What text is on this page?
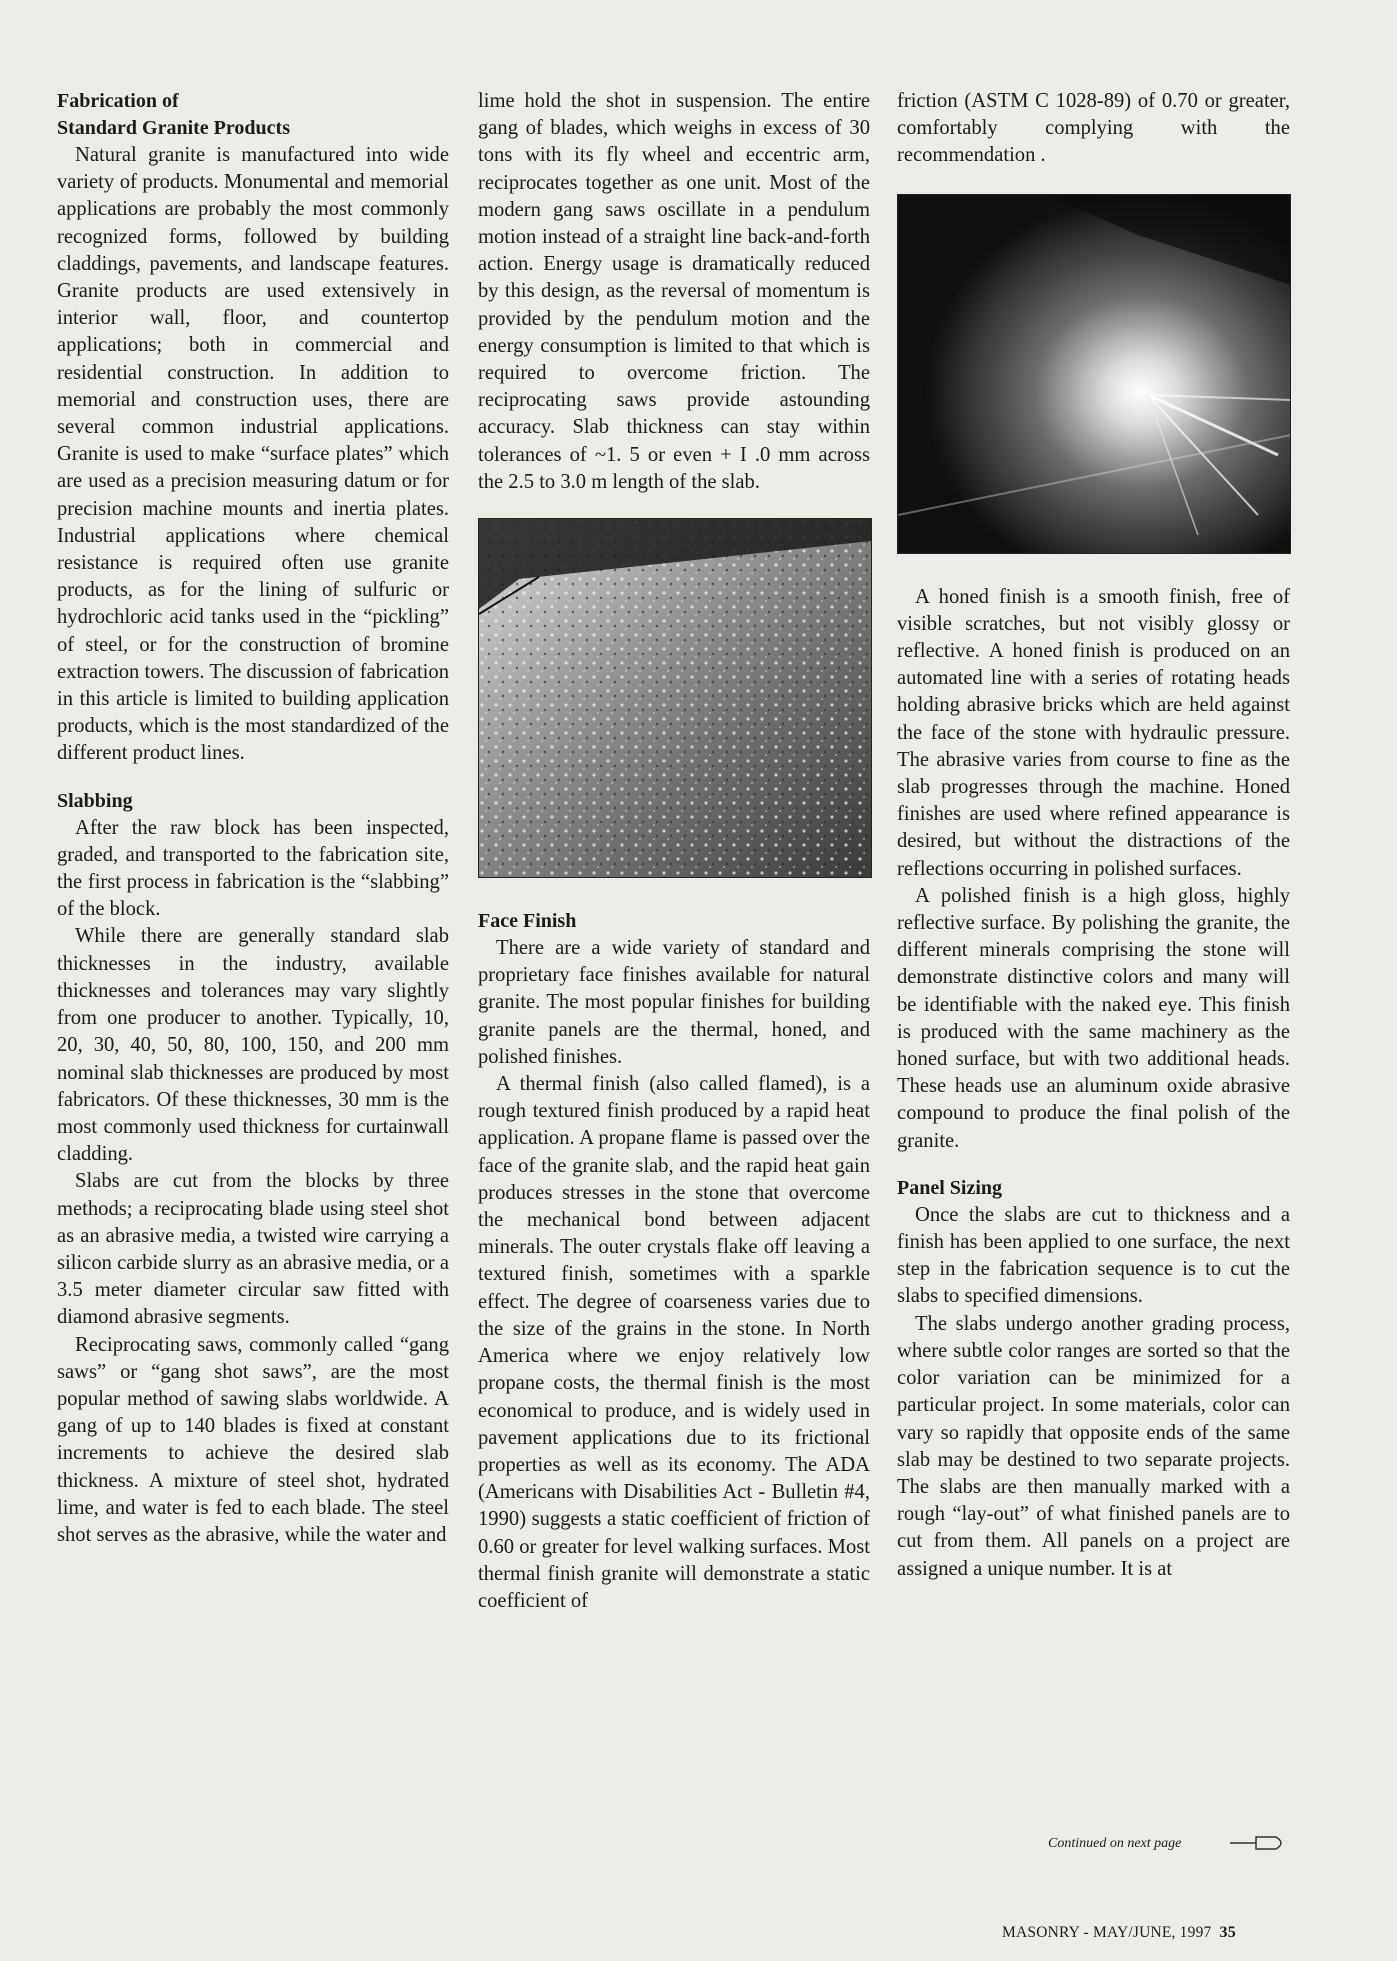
Fabrication of
Standard Granite Products

Natural granite is manufactured into wide variety of products. Monumental and memorial applications are probably the most commonly recognized forms, followed by building claddings, pavements, and landscape features. Granite products are used extensively in interior wall, floor, and countertop applications; both in commercial and residential construction. In addition to memorial and construction uses, there are several common industrial applications. Granite is used to make “surface plates” which are used as a precision measuring datum or for precision machine mounts and inertia plates. Industrial applications where chemical resistance is required often use granite products, as for the lining of sulfuric or hydrochloric acid tanks used in the “pickling” of steel, or for the construction of bromine extraction towers. The discussion of fabrication in this article is limited to building application products, which is the most standardized of the different product lines.

Slabbing

After the raw block has been inspected, graded, and transported to the fabrication site, the first process in fabrication is the “slabbing” of the block.

While there are generally standard slab thicknesses in the industry, available thicknesses and tolerances may vary slightly from one producer to another. Typically, 10, 20, 30, 40, 50, 80, 100, 150, and 200 mm nominal slab thicknesses are produced by most fabricators. Of these thicknesses, 30 mm is the most commonly used thickness for curtainwall cladding.

Slabs are cut from the blocks by three methods; a reciprocating blade using steel shot as an abrasive media, a twisted wire carrying a silicon carbide slurry as an abrasive media, or a 3.5 meter diameter circular saw fitted with diamond abrasive segments.

Reciprocating saws, commonly called “gang saws” or “gang shot saws”, are the most popular method of sawing slabs worldwide. A gang of up to 140 blades is fixed at constant increments to achieve the desired slab thickness. A mixture of steel shot, hydrated lime, and water is fed to each blade. The steel shot serves as the abrasive, while the water and

lime hold the shot in suspension. The entire gang of blades, which weighs in excess of 30 tons with its fly wheel and eccentric arm, reciprocates together as one unit. Most of the modern gang saws oscillate in a pendulum motion instead of a straight line back-and-forth action. Energy usage is dramatically reduced by this design, as the reversal of momentum is provided by the pendulum motion and the energy consumption is limited to that which is required to overcome friction. The reciprocating saws provide astounding accuracy. Slab thickness can stay within tolerances of ~1. 5 or even + I .0 mm across the 2.5 to 3.0 m length of the slab.

Face Finish

There are a wide variety of standard and proprietary face finishes available for natural granite. The most popular finishes for building granite panels are the thermal, honed, and polished finishes.

A thermal finish (also called flamed), is a rough textured finish produced by a rapid heat application. A propane flame is passed over the face of the granite slab, and the rapid heat gain produces stresses in the stone that overcome the mechanical bond between adjacent minerals. The outer crystals flake off leaving a textured finish, sometimes with a sparkle effect. The degree of coarseness varies due to the size of the grains in the stone. In North America where we enjoy relatively low propane costs, the thermal finish is the most economical to produce, and is widely used in pavement applications due to its frictional properties as well as its economy. The ADA (Americans with Disabilities Act - Bulletin #4, 1990) suggests a static coefficient of friction of 0.60 or greater for level walking surfaces. Most thermal finish granite will demonstrate a static coefficient of

friction (ASTM C 1028-89) of 0.70 or greater, comfortably complying with the recommendation .

A honed finish is a smooth finish, free of visible scratches, but not visibly glossy or reflective. A honed finish is produced on an automated line with a series of rotating heads holding abrasive bricks which are held against the face of the stone with hydraulic pressure. The abrasive varies from course to fine as the slab progresses through the machine. Honed finishes are used where refined appearance is desired, but without the distractions of the reflections occurring in polished surfaces.

A polished finish is a high gloss, highly reflective surface. By polishing the granite, the different minerals comprising the stone will demonstrate distinctive colors and many will be identifiable with the naked eye. This finish is produced with the same machinery as the honed surface, but with two additional heads. These heads use an aluminum oxide abrasive compound to produce the final polish of the granite.

Panel Sizing

Once the slabs are cut to thickness and a finish has been applied to one surface, the next step in the fabrication sequence is to cut the slabs to specified dimensions.

The slabs undergo another grading process, where subtle color ranges are sorted so that the color variation can be minimized for a particular project. In some materials, color can vary so rapidly that opposite ends of the same slab may be destined to two separate projects. The slabs are then manually marked with a rough “lay-out” of what finished panels are to cut from them. All panels on a project are assigned a unique number. It is at

Continued on next page
MASONRY - MAY/JUNE, 1997 35
